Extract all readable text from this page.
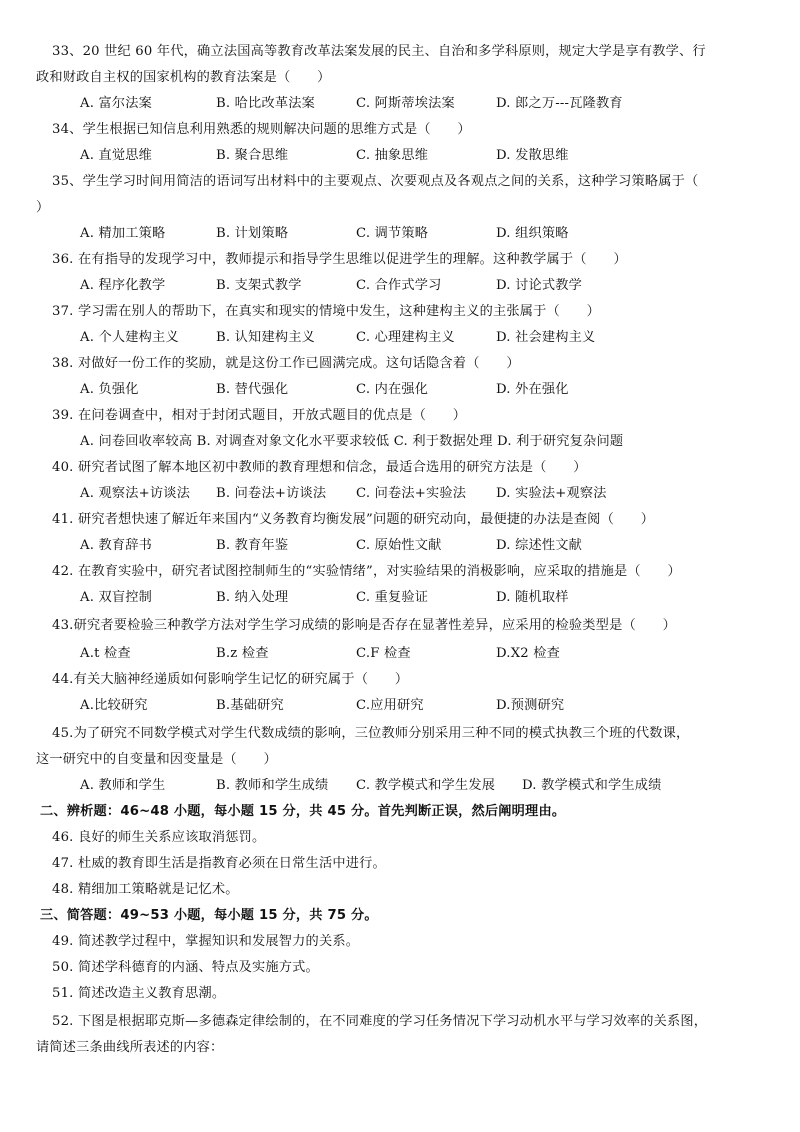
33、20 世纪 60 年代，确立法国高等教育改革法案发展的民主、自治和多学科原则，规定大学是享有教学、行
政和财政自主权的国家机构的教育法案是（　　）
A. 富尔法案	B. 哈比改革法案	C. 阿斯蒂埃法案	D. 郎之万---瓦隆教育
34、学生根据已知信息利用熟悉的规则解决问题的思维方式是（　　）
A. 直觉思维	B. 聚合思维	C. 抽象思维	D. 发散思维
35、学生学习时间用简洁的语词写出材料中的主要观点、次要观点及各观点之间的关系，这种学习策略属于（
）
A. 精加工策略	B. 计划策略	C. 调节策略	D. 组织策略
36. 在有指导的发现学习中，教师提示和指导学生思维以促进学生的理解。这种教学属于（　　）
A. 程序化教学	B. 支架式教学	C. 合作式学习	D. 讨论式教学
37. 学习需在别人的帮助下，在真实和现实的情境中发生，这种建构主义的主张属于（　　）
A. 个人建构主义	B. 认知建构主义	C. 心理建构主义	D. 社会建构主义
38. 对做好一份工作的奖励，就是这份工作已圆满完成。这句话隐含着（　　）
A. 负强化	B. 替代强化	C. 内在强化	D. 外在强化
39. 在问卷调查中，相对于封闭式题目，开放式题目的优点是（　　）
A. 问卷回收率较高 B. 对调查对象文化水平要求较低 C. 利于数据处理 D. 利于研究复杂问题
40. 研究者试图了解本地区初中教师的教育理想和信念，最适合选用的研究方法是（　　）
A. 观察法+访谈法 B. 问卷法+访谈法 C. 问卷法+实验法 D. 实验法+观察法
41. 研究者想快速了解近年来国内“义务教育均衡发展”问题的研究动向，最便捷的办法是查阅（　　）
A. 教育辞书	B. 教育年鉴	C. 原始性文献	D. 综述性文献
42. 在教育实验中，研究者试图控制师生的“实验情绪”，对实验结果的消极影响，应采取的措施是（　　）
A. 双盲控制	B. 纳入处理	C. 重复验证	D. 随机取样
43.研究者要检验三种教学方法对学生学习成绩的影响是否存在显著性差异，应采用的检验类型是（　　）
A.t 检查	B.z 检查	C.F 检查	D.X2 检查
44.有关大脑神经递质如何影响学生记忆的研究属于（　　）
A.比较研究	B.基础研究	C.应用研究	D.预测研究
45.为了研究不同数学模式对学生代数成绩的影响，三位教师分别采用三种不同的模式执教三个班的代数课，
这一研究中的自变量和因变量是（　　）
A. 教师和学生	B. 教师和学生成绩 C. 教学模式和学生发展 D. 教学模式和学生成绩
二、辨析题：46~48 小题，每小题 15 分，共 45 分。首先判断正误，然后阐明理由。
46. 良好的师生关系应该取消惩罚。
47. 杜威的教育即生活是指教育必须在日常生活中进行。
48. 精细加工策略就是记忆术。
三、简答题：49~53 小题，每小题 15 分，共 75 分。
49. 简述教学过程中，掌握知识和发展智力的关系。
50. 简述学科德育的内涵、特点及实施方式。
51. 简述改造主义教育思潮。
52. 下图是根据耶克斯—多德森定律绘制的，在不同难度的学习任务情况下学习动机水平与学习效率的关系图，
请简述三条曲线所表述的内容：
